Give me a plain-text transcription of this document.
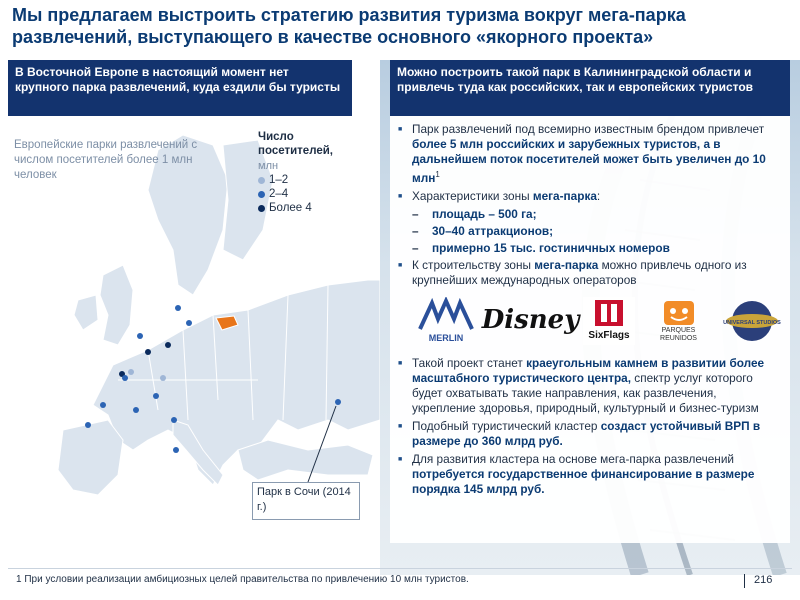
Мы предлагаем выстроить стратегию развития туризма вокруг мега-парка развлечений, выступающего в качестве основного «якорного проекта»
В Восточной Европе в настоящий момент нет крупного парка развлечений, куда ездили бы туристы
Можно построить такой парк в Калининградской области и привлечь туда как российских, так и европейских туристов
Европейские парки развлечений с числом посетителей более 1 млн человек
Число посетителей,
млн
1–2
2–4
Более 4
Парк в Сочи (2014 г.)
■ Парк развлечений под всемирно известным брендом привлечет более 5 млн российских и зарубежных туристов, а в дальнейшем поток посетителей может быть увеличен до 10 млн$^1$
■ Характеристики зоны мега-парка:
– площадь – 500 га;
– 30–40 аттракционов;
– примерно 15 тыс. гостиничных номеров
■ К строительству зоны мега-парка можно привлечь одного из крупнейших международных операторов
MERLIN
Disney
SixFlags	PARQUES REUNIDOS
UNIVERSAL STUDIOS
■ Такой проект станет краеугольным камнем в развитии более масштабного туристического центра, спектр услуг которого будет охватывать такие направления, как развлечения, укрепление здоровья, природный, культурный и бизнес-туризм
■ Подобный туристический кластер создаст устойчивый ВРП в размере до 360 млрд руб.
■ Для развития кластера на основе мега-парка развлечений потребуется государственное финансирование в размере порядка 145 млрд руб.
1 При условии реализации амбициозных целей правительства по привлечению 10 млн туристов.	216
